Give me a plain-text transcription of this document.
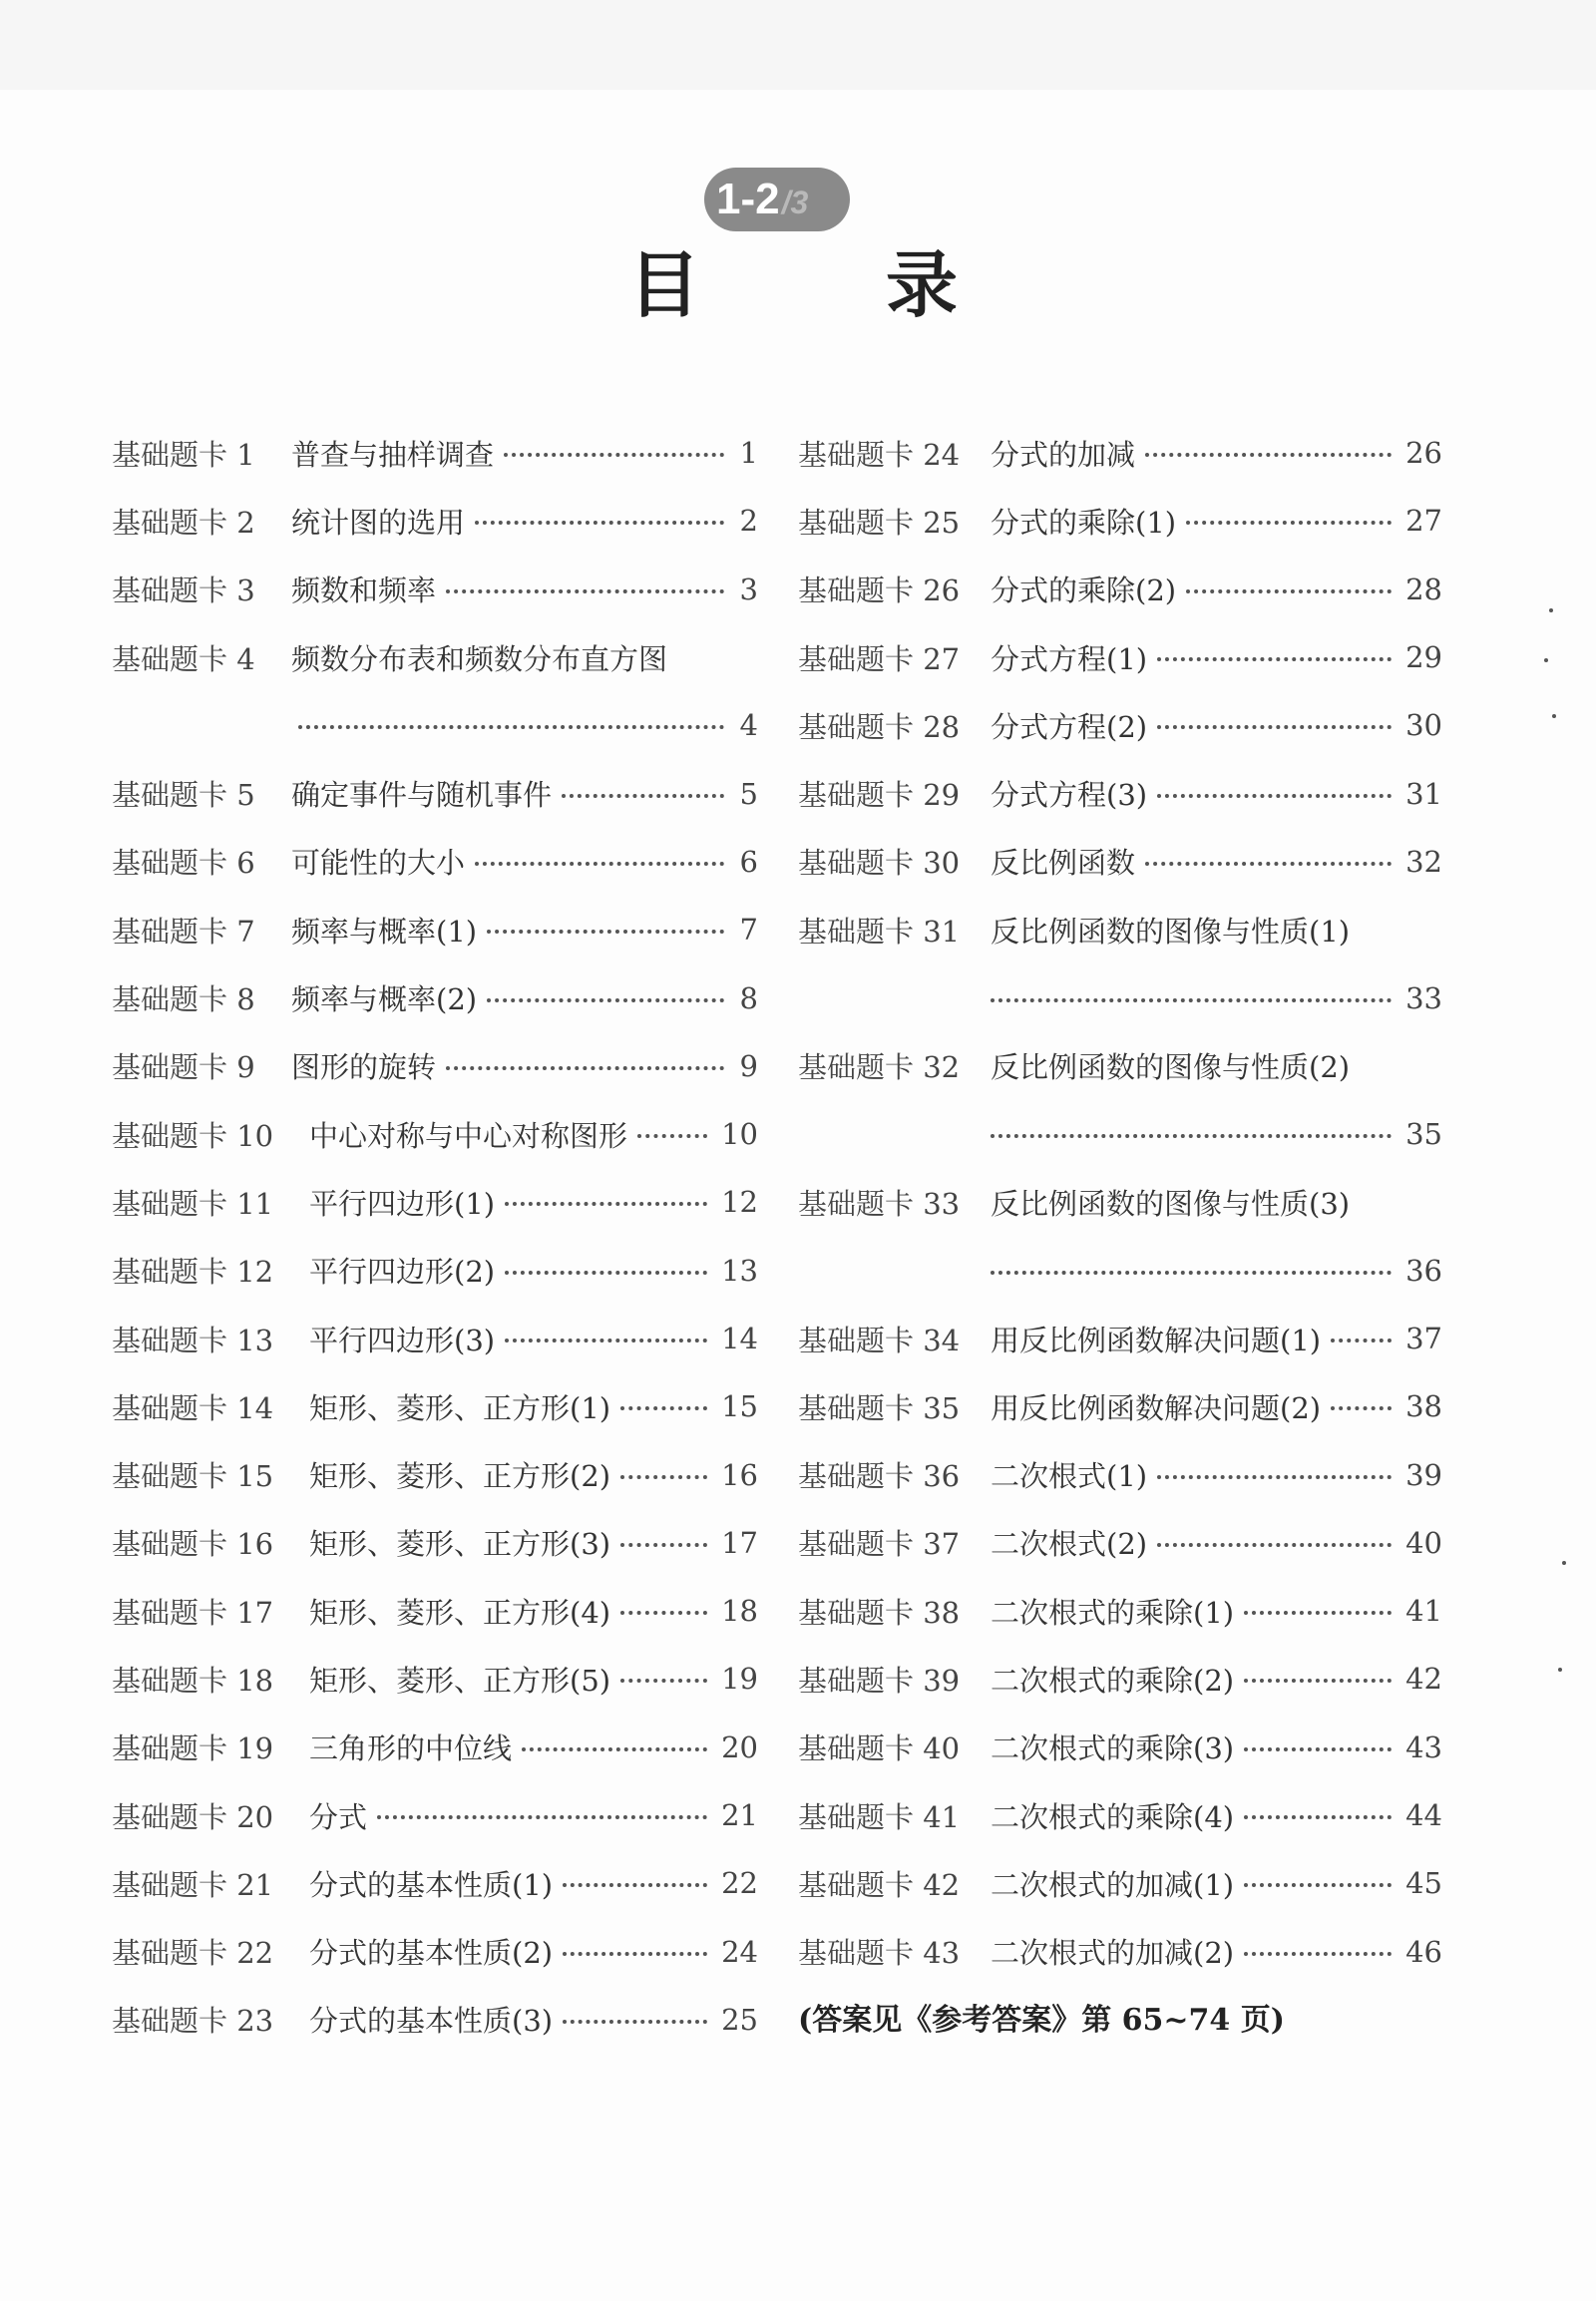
1-2 /3
目	录
基础题卡 1	普查与抽样调查	1
基础题卡 2	统计图的选用	2
基础题卡 3	频数和频率	3
基础题卡 4	频数分布表和频数分布直方图
4
基础题卡 5	确定事件与随机事件	5
基础题卡 6	可能性的大小	6
基础题卡 7	频率与概率(1)	7
基础题卡 8	频率与概率(2)	8
基础题卡 9	图形的旋转	9
基础题卡 10	中心对称与中心对称图形	10
基础题卡 11	平行四边形(1)	12
基础题卡 12	平行四边形(2)	13
基础题卡 13	平行四边形(3)	14
基础题卡 14	矩形、菱形、正方形(1)	15
基础题卡 15	矩形、菱形、正方形(2)	16
基础题卡 16	矩形、菱形、正方形(3)	17
基础题卡 17	矩形、菱形、正方形(4)	18
基础题卡 18	矩形、菱形、正方形(5)	19
基础题卡 19	三角形的中位线	20
基础题卡 20	分式	21
基础题卡 21	分式的基本性质(1)	22
基础题卡 22	分式的基本性质(2)	24
基础题卡 23	分式的基本性质(3)	25
基础题卡 24	分式的加减	26
基础题卡 25	分式的乘除(1)	27
基础题卡 26	分式的乘除(2)	28
基础题卡 27	分式方程(1)	29
基础题卡 28	分式方程(2)	30
基础题卡 29	分式方程(3)	31
基础题卡 30	反比例函数	32
基础题卡 31	反比例函数的图像与性质(1)
33
基础题卡 32	反比例函数的图像与性质(2)
35
基础题卡 33	反比例函数的图像与性质(3)
36
基础题卡 34	用反比例函数解决问题(1)	37
基础题卡 35	用反比例函数解决问题(2)	38
基础题卡 36	二次根式(1)	39
基础题卡 37	二次根式(2)	40
基础题卡 38	二次根式的乘除(1)	41
基础题卡 39	二次根式的乘除(2)	42
基础题卡 40	二次根式的乘除(3)	43
基础题卡 41	二次根式的乘除(4)	44
基础题卡 42	二次根式的加减(1)	45
基础题卡 43	二次根式的加减(2)	46
(答案见《参考答案》第 65~74 页)
